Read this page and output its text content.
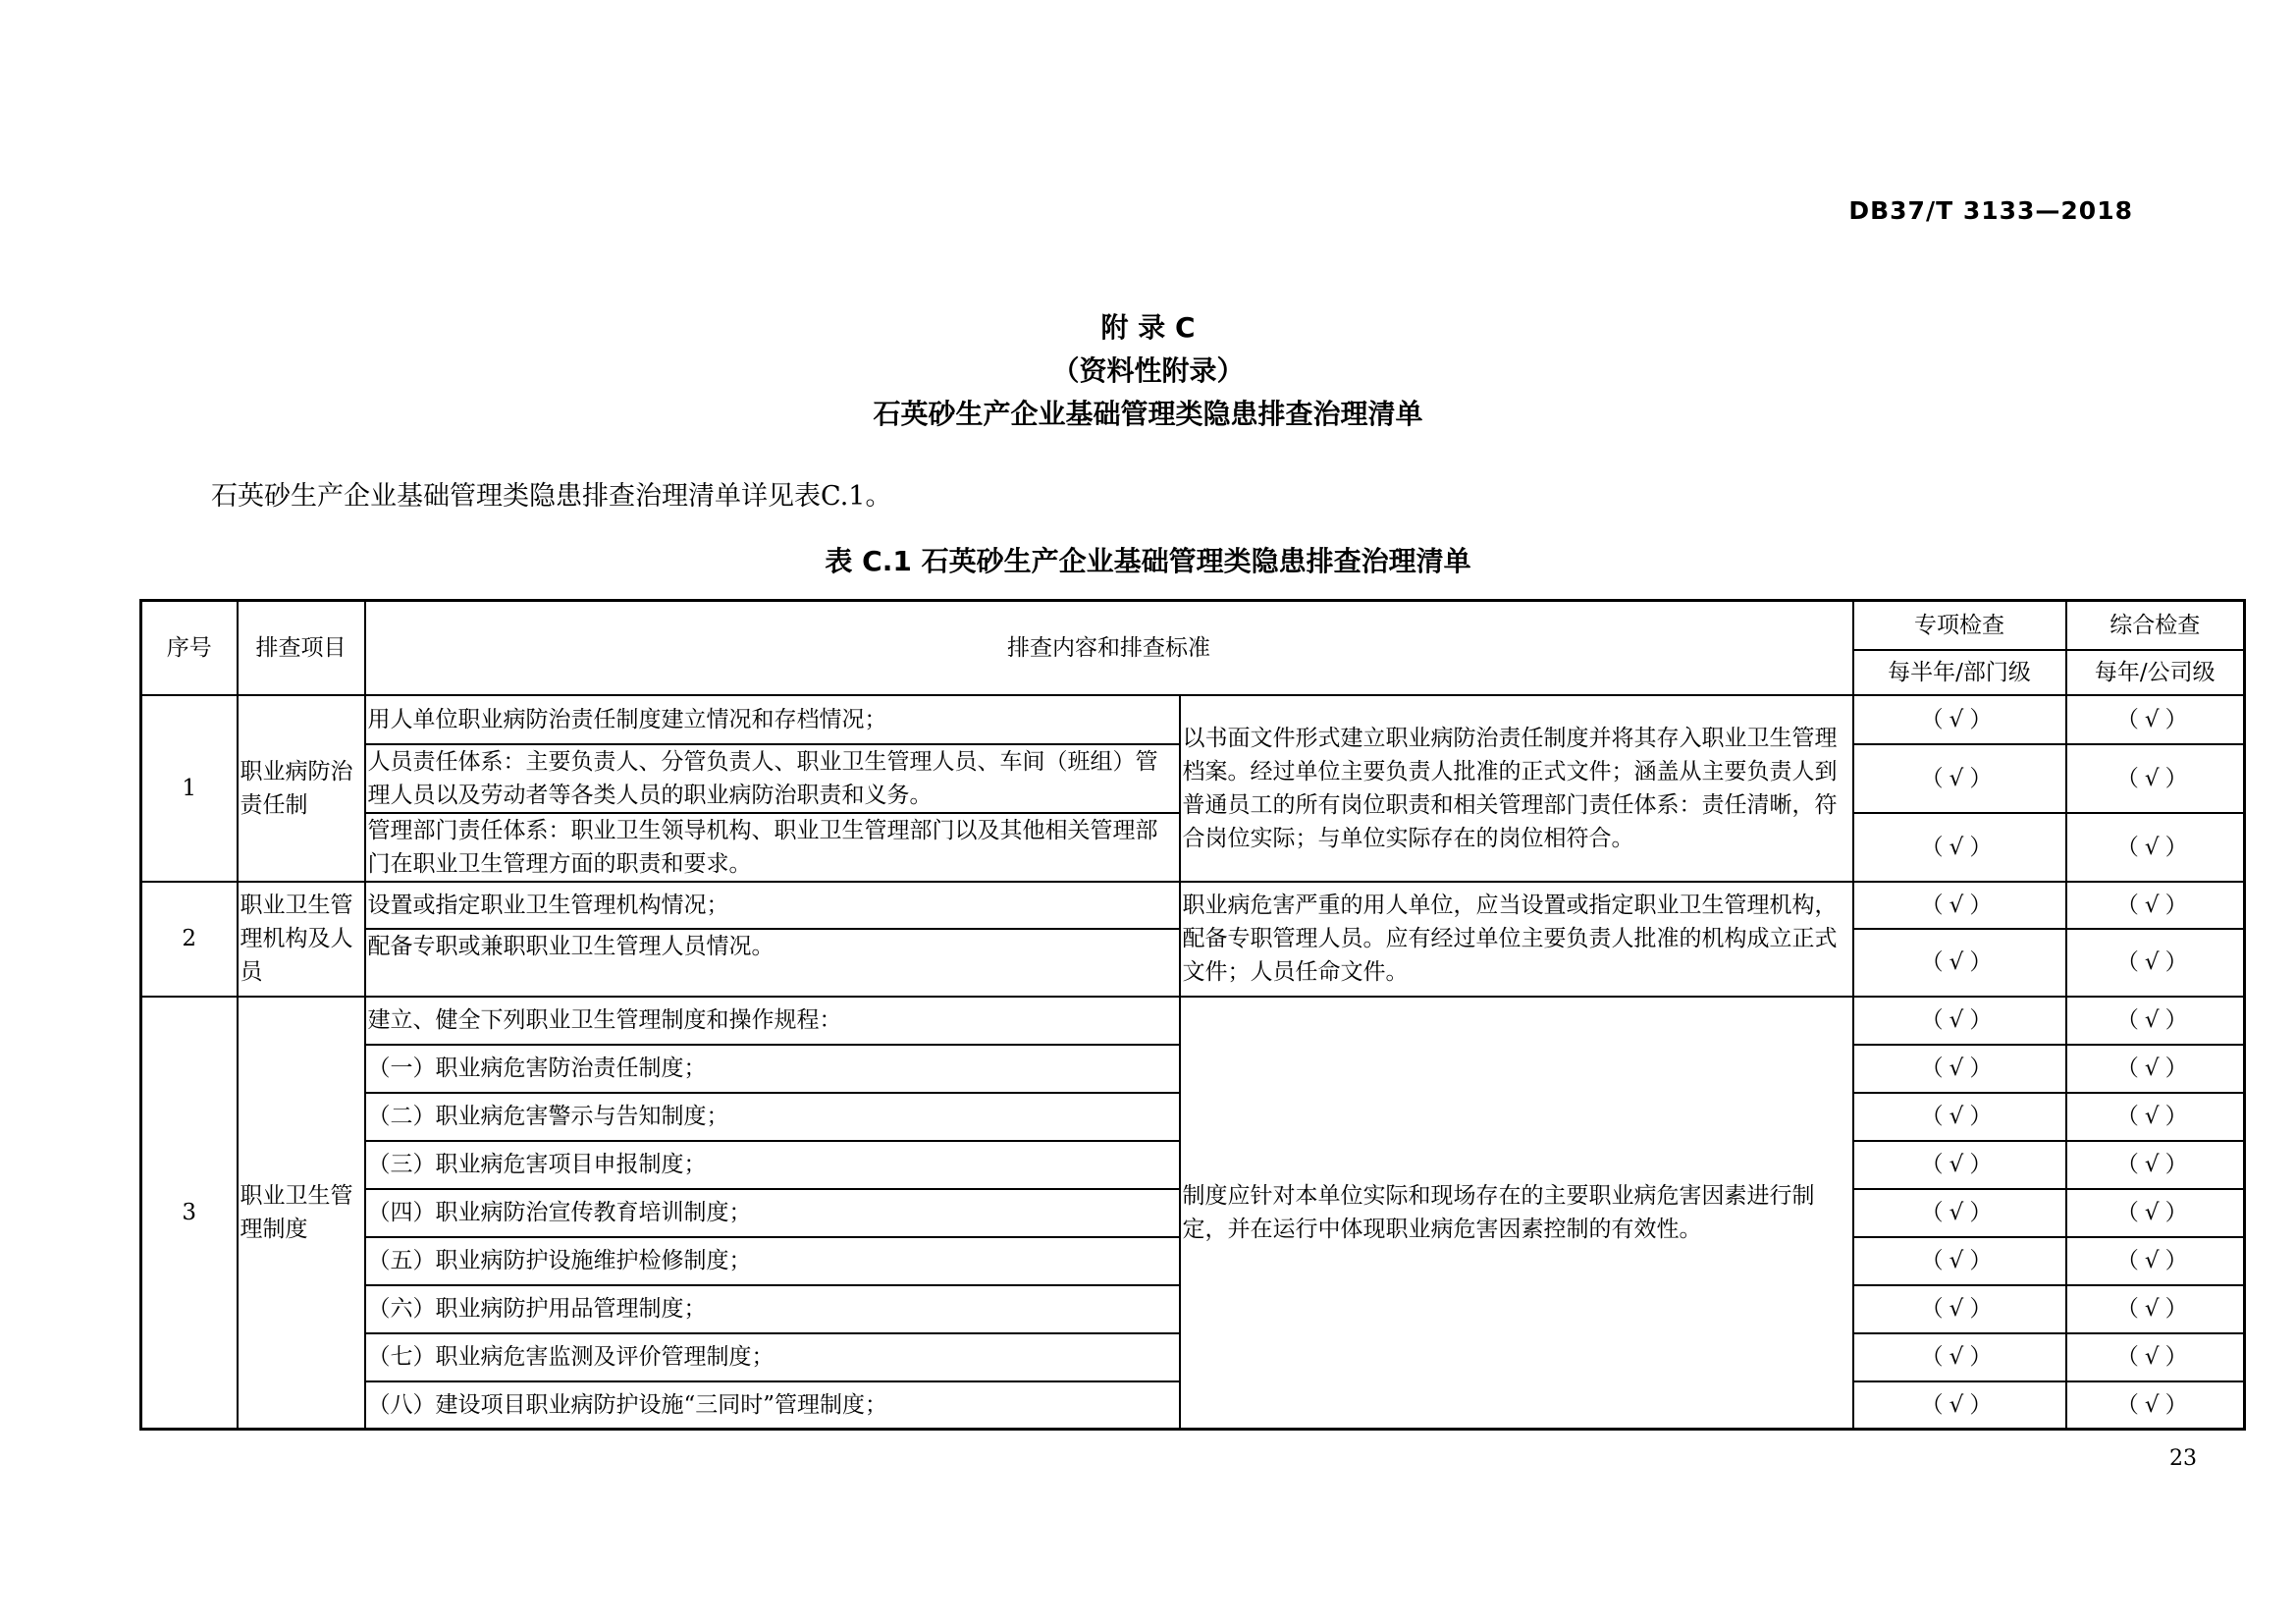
DB37/T 3133—2018
附 录 C
（资料性附录）
石英砂生产企业基础管理类隐患排查治理清单
石英砂生产企业基础管理类隐患排查治理清单详见表C.1。
表 C.1 石英砂生产企业基础管理类隐患排查治理清单
序号	排查项目	排查内容和排查标准		专项检查	综合检查
				每半年/部门级	每年/公司级
1	职业病防治责任制	用人单位职业病防治责任制度建立情况和存档情况；	以书面文件形式建立职业病防治责任制度并将其存入职业卫生管理档案。经过单位主要负责人批准的正式文件；涵盖从主要负责人到普通员工的所有岗位职责和相关管理部门责任体系：责任清晰，符合岗位实际；与单位实际存在的岗位相符合。	（√）	（√）
		人员责任体系：主要负责人、分管负责人、职业卫生管理人员、车间（班组）管理人员以及劳动者等各类人员的职业病防治职责和义务。		（√）	（√）
		管理部门责任体系：职业卫生领导机构、职业卫生管理部门以及其他相关管理部门在职业卫生管理方面的职责和要求。		（√）	（√）
2	职业卫生管理机构及人员	设置或指定职业卫生管理机构情况；	职业病危害严重的用人单位，应当设置或指定职业卫生管理机构，配备专职管理人员。应有经过单位主要负责人批准的机构成立正式文件；人员任命文件。	（√）	（√）
		配备专职或兼职职业卫生管理人员情况。		（√）	（√）
3	职业卫生管理制度	建立、健全下列职业卫生管理制度和操作规程：	制度应针对本单位实际和现场存在的主要职业病危害因素进行制定，并在运行中体现职业病危害因素控制的有效性。	（√）	（√）
		（一）职业病危害防治责任制度；		（√）	（√）
		（二）职业病危害警示与告知制度；		（√）	（√）
		（三）职业病危害项目申报制度；		（√）	（√）
		（四）职业病防治宣传教育培训制度；		（√）	（√）
		（五）职业病防护设施维护检修制度；		（√）	（√）
		（六）职业病防护用品管理制度；		（√）	（√）
		（七）职业病危害监测及评价管理制度；		（√）	（√）
		（八）建设项目职业病防护设施“三同时”管理制度；		（√）	（√）
23
